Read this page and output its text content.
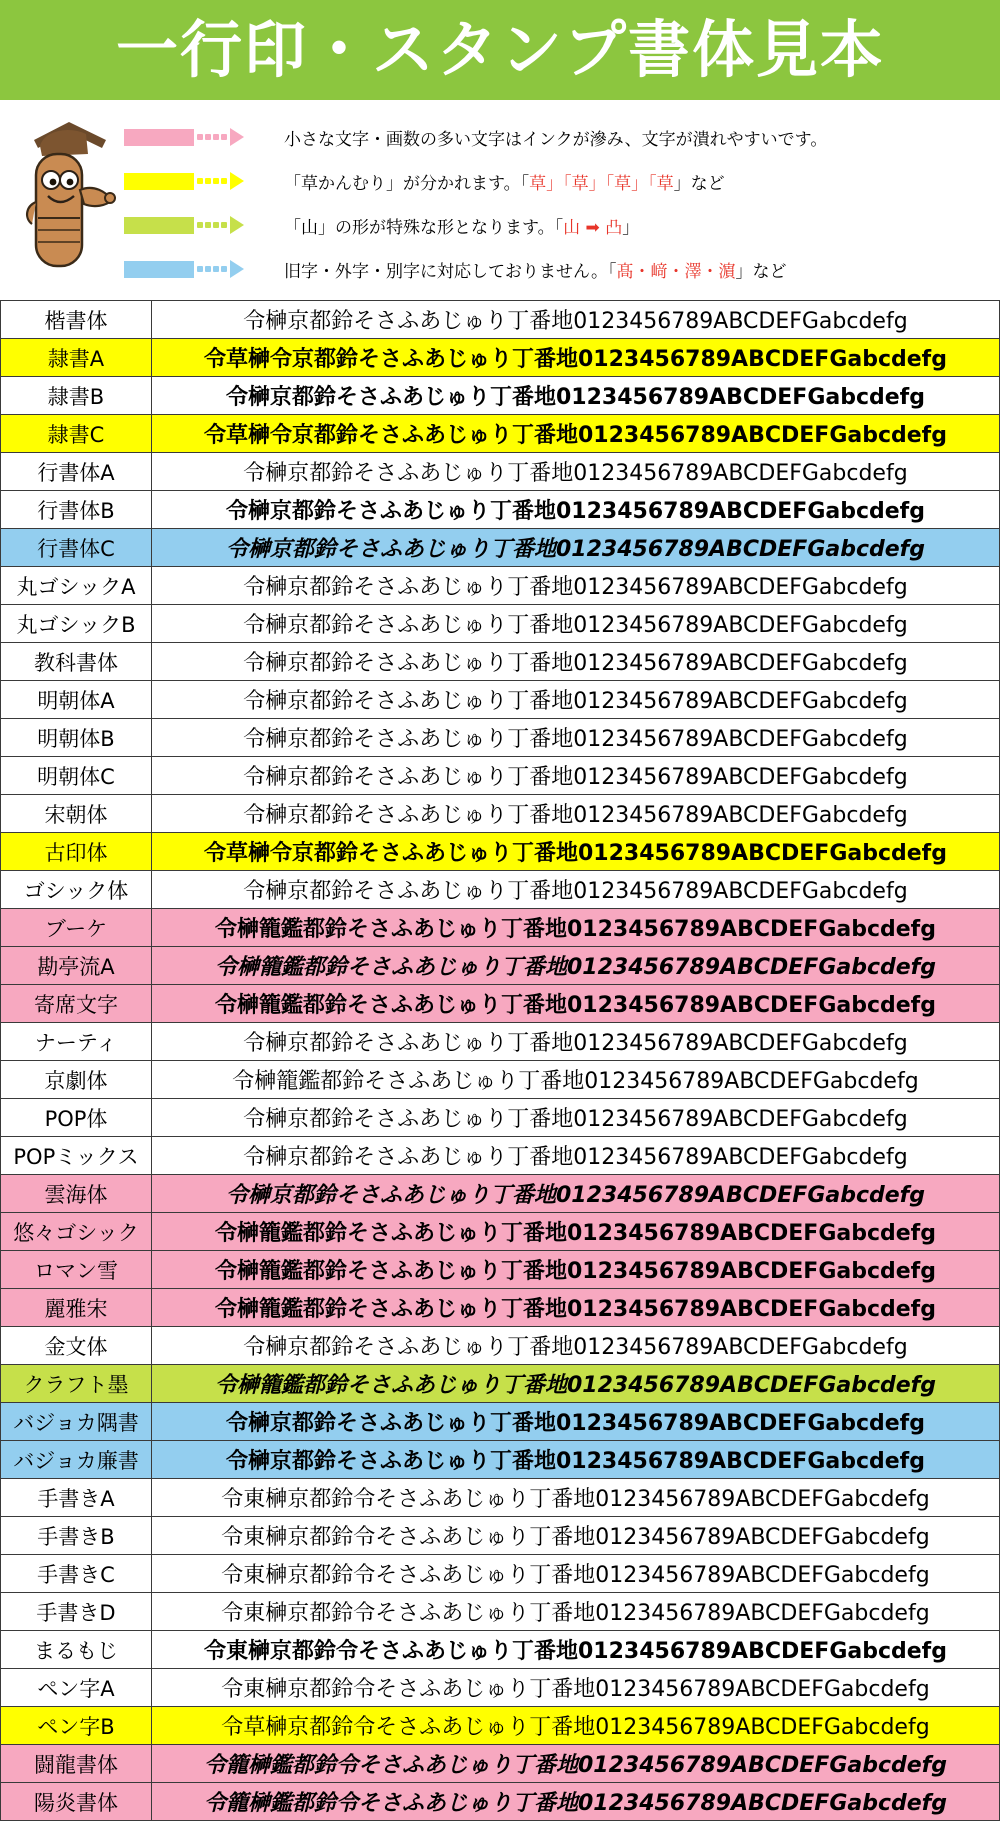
一行印・スタンプ書体見本
小さな文字・画数の多い文字はインクが滲み、文字が潰れやすいです。
「草かんむり」が分かれます。「草」「草」「草」「草」など
「山」の形が特殊な形となります。「山 ➡ 凸」
旧字・外字・別字に対応しておりません。「髙・﨑・澤・濵」など
楷書体	令榊京都鈴そさふあじゅり丁番地0123456789ABCDEFGabcdefg
隷書A	令草榊令京都鈴そさふあじゅり丁番地0123456789ABCDEFGabcdefg
隷書B	令榊京都鈴そさふあじゅり丁番地0123456789ABCDEFGabcdefg
隷書C	令草榊令京都鈴そさふあじゅり丁番地0123456789ABCDEFGabcdefg
行書体A	令榊京都鈴そさふあじゅり丁番地0123456789ABCDEFGabcdefg
行書体B	令榊京都鈴そさふあじゅり丁番地0123456789ABCDEFGabcdefg
行書体C	令榊京都鈴そさふあじゅり丁番地0123456789ABCDEFGabcdefg
丸ゴシックA	令榊京都鈴そさふあじゅり丁番地0123456789ABCDEFGabcdefg
丸ゴシックB	令榊京都鈴そさふあじゅり丁番地0123456789ABCDEFGabcdefg
教科書体	令榊京都鈴そさふあじゅり丁番地0123456789ABCDEFGabcdefg
明朝体A	令榊京都鈴そさふあじゅり丁番地0123456789ABCDEFGabcdefg
明朝体B	令榊京都鈴そさふあじゅり丁番地0123456789ABCDEFGabcdefg
明朝体C	令榊京都鈴そさふあじゅり丁番地0123456789ABCDEFGabcdefg
宋朝体	令榊京都鈴そさふあじゅり丁番地0123456789ABCDEFGabcdefg
古印体	令草榊令京都鈴そさふあじゅり丁番地0123456789ABCDEFGabcdefg
ゴシック体	令榊京都鈴そさふあじゅり丁番地0123456789ABCDEFGabcdefg
ブーケ	令榊籠鑑都鈴そさふあじゅり丁番地0123456789ABCDEFGabcdefg
勘亭流A	令榊籠鑑都鈴そさふあじゅり丁番地0123456789ABCDEFGabcdefg
寄席文字	令榊籠鑑都鈴そさふあじゅり丁番地0123456789ABCDEFGabcdefg
ナーティ	令榊京都鈴そさふあじゅり丁番地0123456789ABCDEFGabcdefg
京劇体	令榊籠鑑都鈴そさふあじゅり丁番地0123456789ABCDEFGabcdefg
POP体	令榊京都鈴そさふあじゅり丁番地0123456789ABCDEFGabcdefg
POPミックス	令榊京都鈴そさふあじゅり丁番地0123456789ABCDEFGabcdefg
雲海体	令榊京都鈴そさふあじゅり丁番地0123456789ABCDEFGabcdefg
悠々ゴシック	令榊籠鑑都鈴そさふあじゅり丁番地0123456789ABCDEFGabcdefg
ロマン雪	令榊籠鑑都鈴そさふあじゅり丁番地0123456789ABCDEFGabcdefg
麗雅宋	令榊籠鑑都鈴そさふあじゅり丁番地0123456789ABCDEFGabcdefg
金文体	令榊京都鈴そさふあじゅり丁番地0123456789ABCDEFGabcdefg
クラフト墨	令榊籠鑑都鈴そさふあじゅり丁番地0123456789ABCDEFGabcdefg
バジョカ隅書	令榊京都鈴そさふあじゅり丁番地0123456789ABCDEFGabcdefg
バジョカ廉書	令榊京都鈴そさふあじゅり丁番地0123456789ABCDEFGabcdefg
手書きA	令東榊京都鈴令そさふあじゅり丁番地0123456789ABCDEFGabcdefg
手書きB	令東榊京都鈴令そさふあじゅり丁番地0123456789ABCDEFGabcdefg
手書きC	令東榊京都鈴令そさふあじゅり丁番地0123456789ABCDEFGabcdefg
手書きD	令東榊京都鈴令そさふあじゅり丁番地0123456789ABCDEFGabcdefg
まるもじ	令東榊京都鈴令そさふあじゅり丁番地0123456789ABCDEFGabcdefg
ペン字A	令東榊京都鈴令そさふあじゅり丁番地0123456789ABCDEFGabcdefg
ペン字B	令草榊京都鈴令そさふあじゅり丁番地0123456789ABCDEFGabcdefg
闘龍書体	令籠榊鑑都鈴令そさふあじゅり丁番地0123456789ABCDEFGabcdefg
陽炎書体	令籠榊鑑都鈴令そさふあじゅり丁番地0123456789ABCDEFGabcdefg
